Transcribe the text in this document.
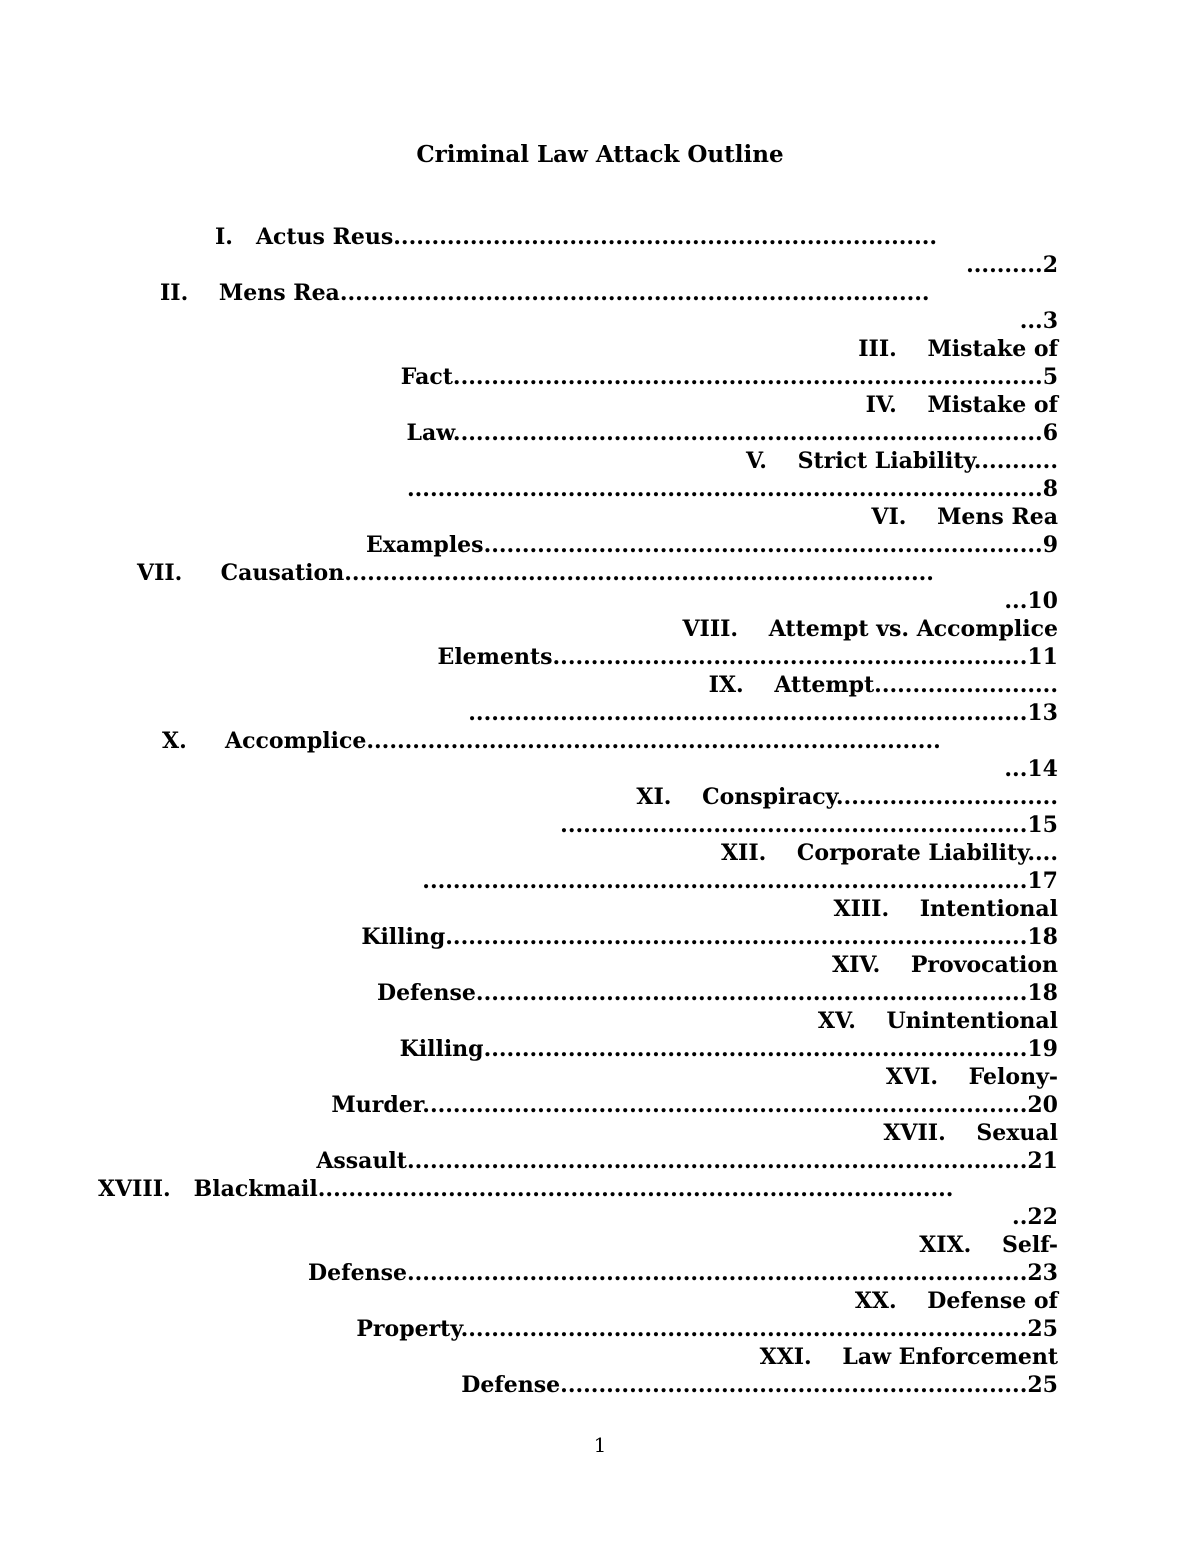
Criminal Law Attack Outline
I. Actus Reus.......................................................................
..........2
II. Mens Rea.............................................................................
...3
III. Mistake of
Fact.............................................................................5
IV. Mistake of
Law.............................................................................6
V. Strict Liability...........
...................................................................................8
VI. Mens Rea
Examples.........................................................................9
VII. Causation.............................................................................
...10
VIII. Attempt vs. Accomplice
Elements..............................................................11
IX. Attempt........................
.........................................................................13
X. Accomplice...........................................................................
...14
XI. Conspiracy.............................
.............................................................15
XII. Corporate Liability....
...............................................................................17
XIII. Intentional
Killing............................................................................18
XIV. Provocation
Defense........................................................................18
XV. Unintentional
Killing.......................................................................19
XVI. Felony-
Murder...............................................................................20
XVII. Sexual
Assault.................................................................................21
XVIII. Blackmail...................................................................................
..22
XIX. Self-
Defense.................................................................................23
XX. Defense of
Property..........................................................................25
XXI. Law Enforcement
Defense.............................................................25
1
